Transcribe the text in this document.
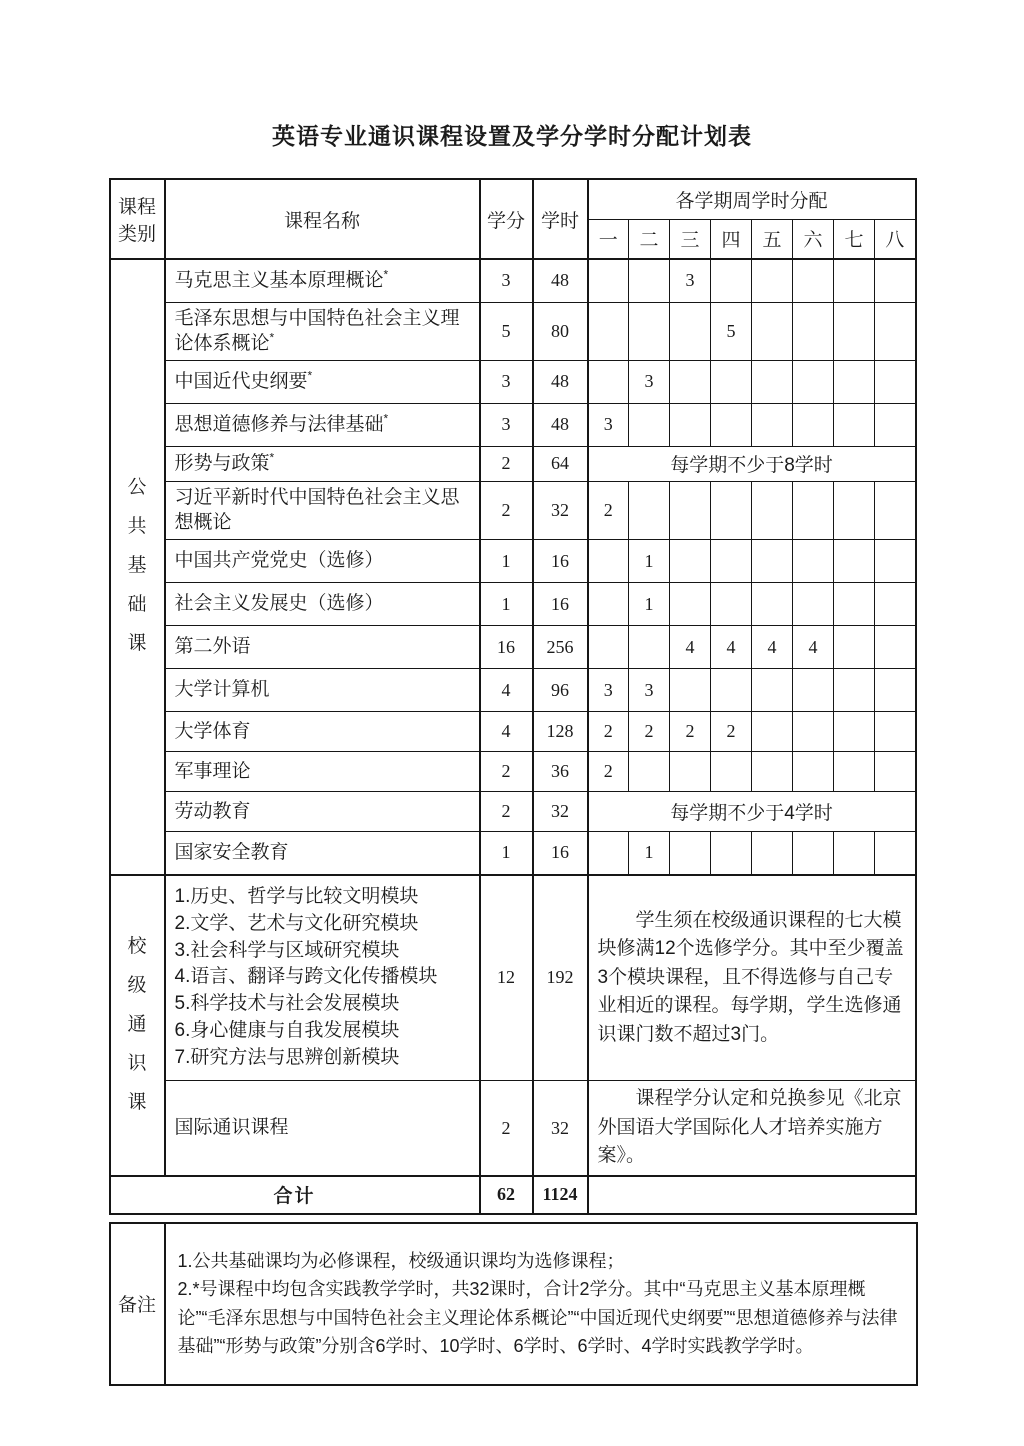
英语专业通识课程设置及学分学时分配计划表
课程类别	课程名称	学分	学时	各学期周学时分配							
				一	二	三	四	五	六	七	八

公共基础课	马克思主义基本原理概论*	3	48			3					
	毛泽东思想与中国特色社会主义理论体系概论*	5	80				5				
	中国近代史纲要*	3	48		3						
	思想道德修养与法律基础*	3	48	3							
	形势与政策*	2	64	每学期不少于8学时							
	习近平新时代中国特色社会主义思想概论	2	32	2							
	中国共产党党史（选修）	1	16		1						
	社会主义发展史（选修）	1	16		1						
	第二外语	16	256			4	4	4	4		
	大学计算机	4	96	3	3						
	大学体育	4	128	2	2	2	2				
	军事理论	2	36	2							
	劳动教育	2	32	每学期不少于4学时							
	国家安全教育	1	16		1						

校级通识课

1.历史、哲学与比较文明模块
2.文学、艺术与文化研究模块
3.社会科学与区域研究模块
4.语言、翻译与跨文化传播模块
5.科学技术与社会发展模块
6.身心健康与自我发展模块
7.研究方法与思辨创新模块
	12	192	学生须在校级通识课程的七大模块修满12个选修学分。其中至少覆盖3个模块课程，且不得选修与自己专业相近的课程。每学期，学生选修通识课门数不超过3门。
	国际通识课程	2	32	课程学分认定和兑换参见《北京外国语大学国际化人才培养实施方案》。							
合计		62	1124								
备注	
1.公共基础课均为必修课程，校级通识课均为选修课程；
2.*号课程中均包含实践教学学时，共32课时，合计2学分。其中“马克思主义基本原理概论”“毛泽东思想与中国特色社会主义理论体系概论”“中国近现代史纲要”“思想道德修养与法律基础”“形势与政策”分别含6学时、10学时、6学时、6学时、4学时实践教学学时。
